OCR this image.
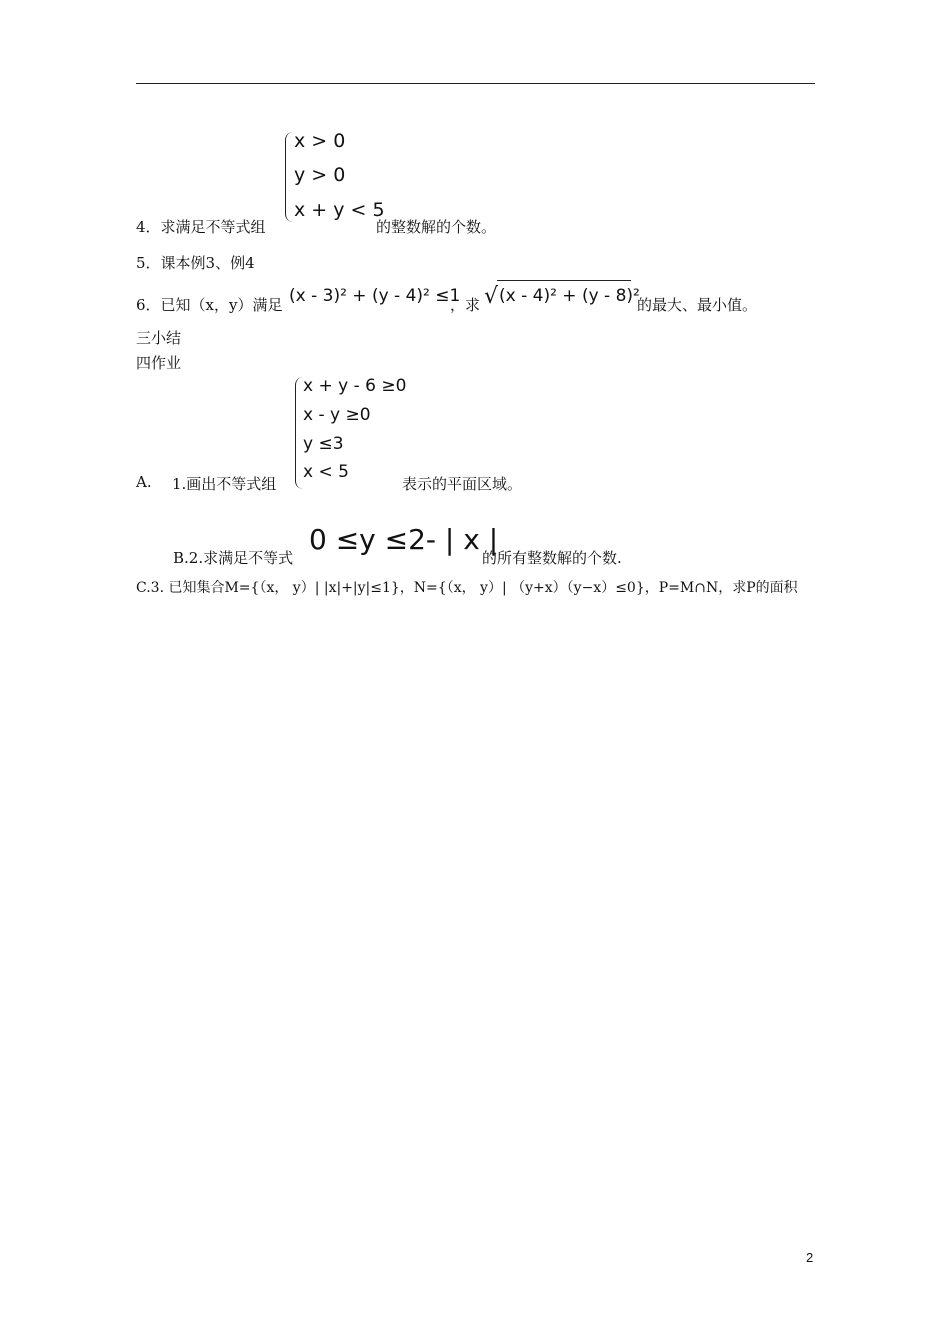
x > 0
y > 0
x + y < 5
4．求满足不等式组	的整数解的个数。
5．课本例3、例4
6．已知（x，y）满足 (x - 3)² + (y - 4)² ≤1
，求 √ (x - 4)² + (y - 8)²
的最大、最小值。
三小结
四作业
x + y - 6 ≥0
x - y ≥0
y ≤3
x < 5
A. 1.画出不等式组	表示的平面区域。
B.2.求满足不等式
0 ≤y ≤2- | x |
的所有整数解的个数.
C.3. 已知集合M={（x， y）| |x|+|y|≤1}，N={（x， y）| （y+x）（y−x）≤0}，P=M∩N，求P的面积
2
